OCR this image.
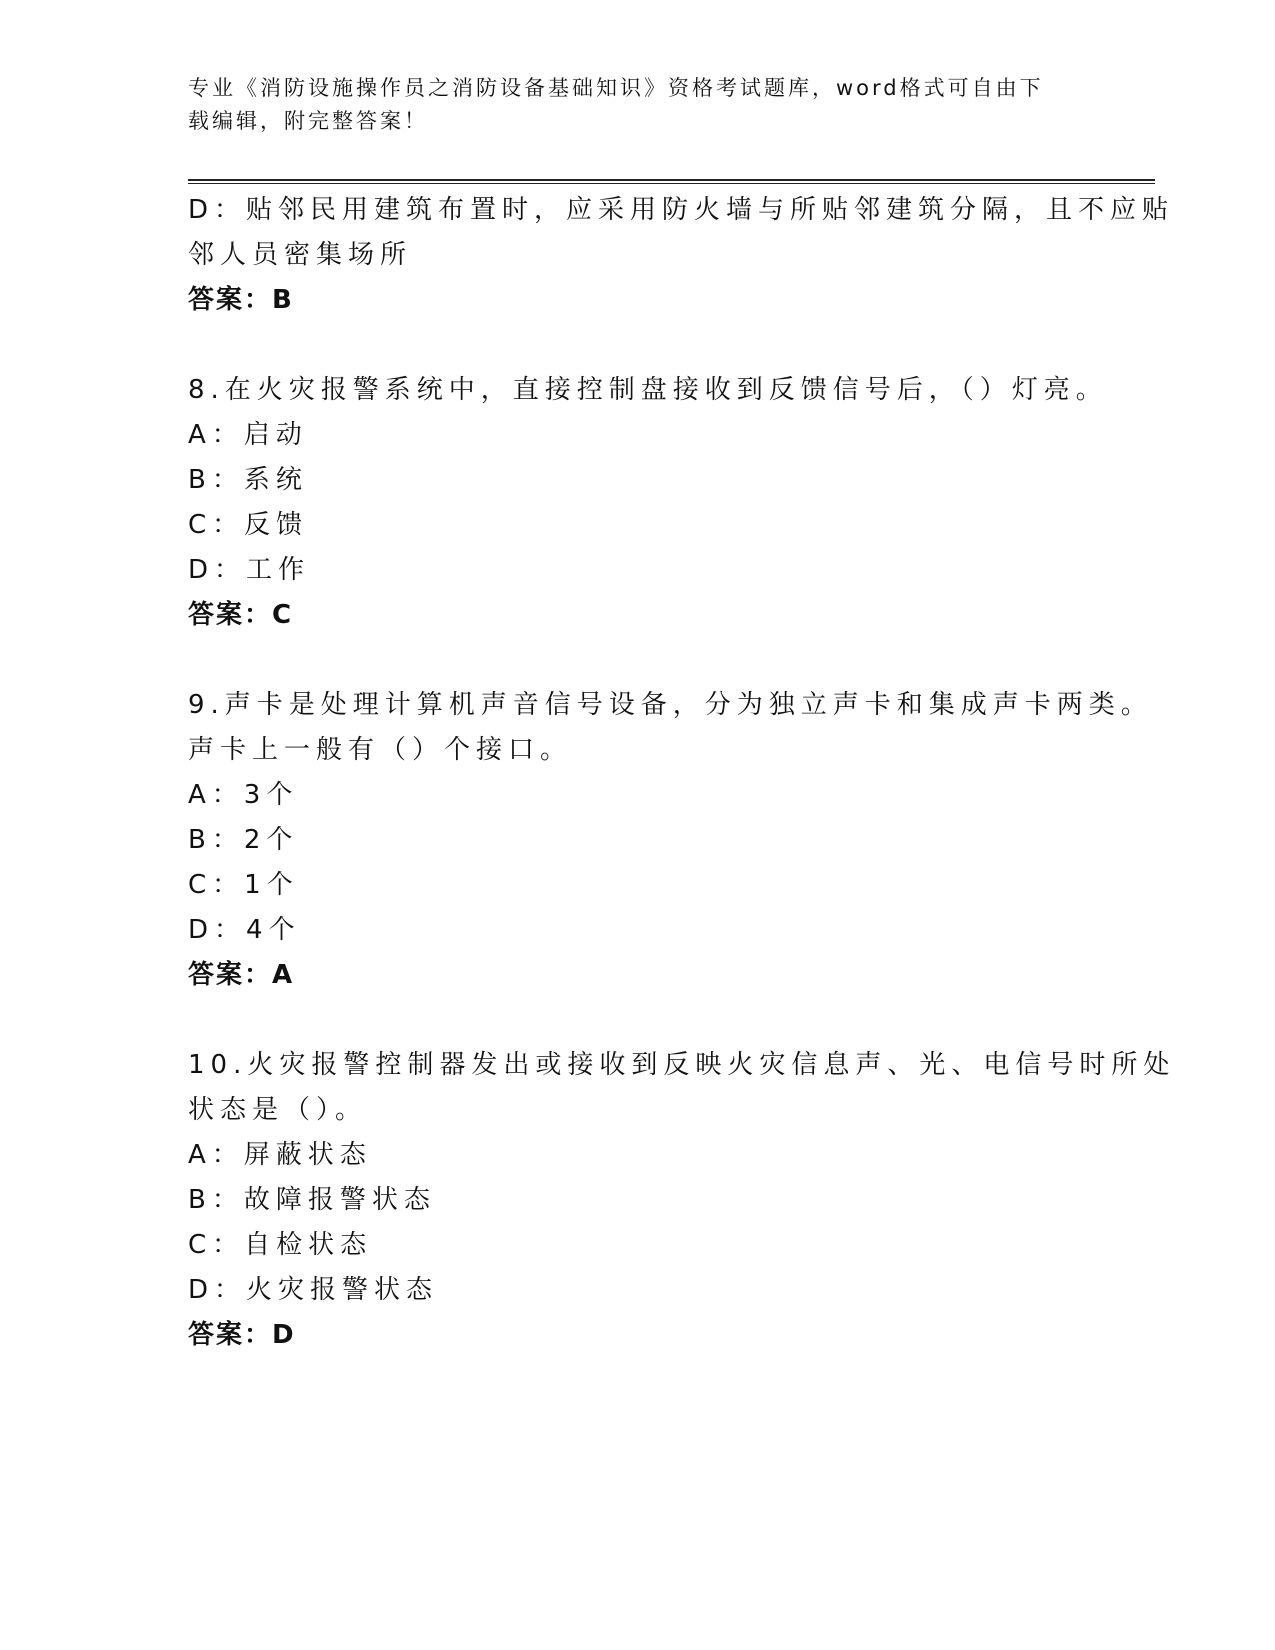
专业《消防设施操作员之消防设备基础知识》资格考试题库，word格式可自由下
载编辑，附完整答案！
D：贴邻民用建筑布置时，应采用防火墙与所贴邻建筑分隔，且不应贴
邻人员密集场所
答案：B
8.在火灾报警系统中，直接控制盘接收到反馈信号后，（）灯亮。
A：启动
B：系统
C：反馈
D：工作
答案：C
9.声卡是处理计算机声音信号设备，分为独立声卡和集成声卡两类。
声卡上一般有（）个接口。
A：3个
B：2个
C：1个
D：4个
答案：A
10.火灾报警控制器发出或接收到反映火灾信息声、光、电信号时所处
状态是（）。
A：屏蔽状态
B：故障报警状态
C：自检状态
D：火灾报警状态
答案：D
